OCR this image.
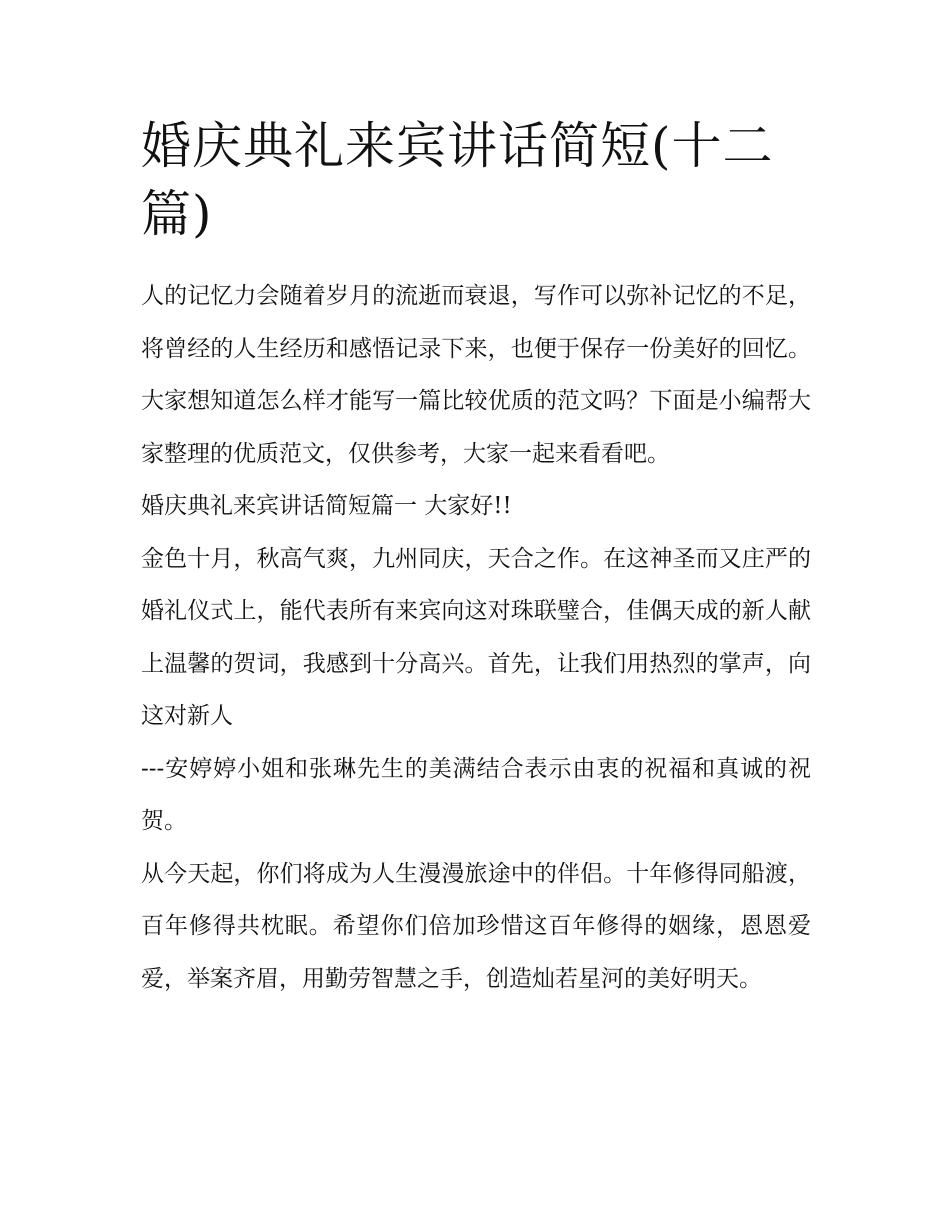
婚庆典礼来宾讲话简短(十二篇)

人的记忆力会随着岁月的流逝而衰退，写作可以弥补记忆的不足，将曾经的人生经历和感悟记录下来，也便于保存一份美好的回忆。大家想知道怎么样才能写一篇比较优质的范文吗？下面是小编帮大家整理的优质范文，仅供参考，大家一起来看看吧。

婚庆典礼来宾讲话简短篇一 大家好!!

金色十月，秋高气爽，九州同庆，天合之作。在这神圣而又庄严的婚礼仪式上，能代表所有来宾向这对珠联璧合，佳偶天成的新人献上温馨的贺词，我感到十分高兴。首先，让我们用热烈的掌声，向这对新人

---安婷婷小姐和张琳先生的美满结合表示由衷的祝福和真诚的祝贺。

从今天起，你们将成为人生漫漫旅途中的伴侣。十年修得同船渡，百年修得共枕眠。希望你们倍加珍惜这百年修得的姻缘，恩恩爱爱，举案齐眉，用勤劳智慧之手，创造灿若星河的美好明天。
